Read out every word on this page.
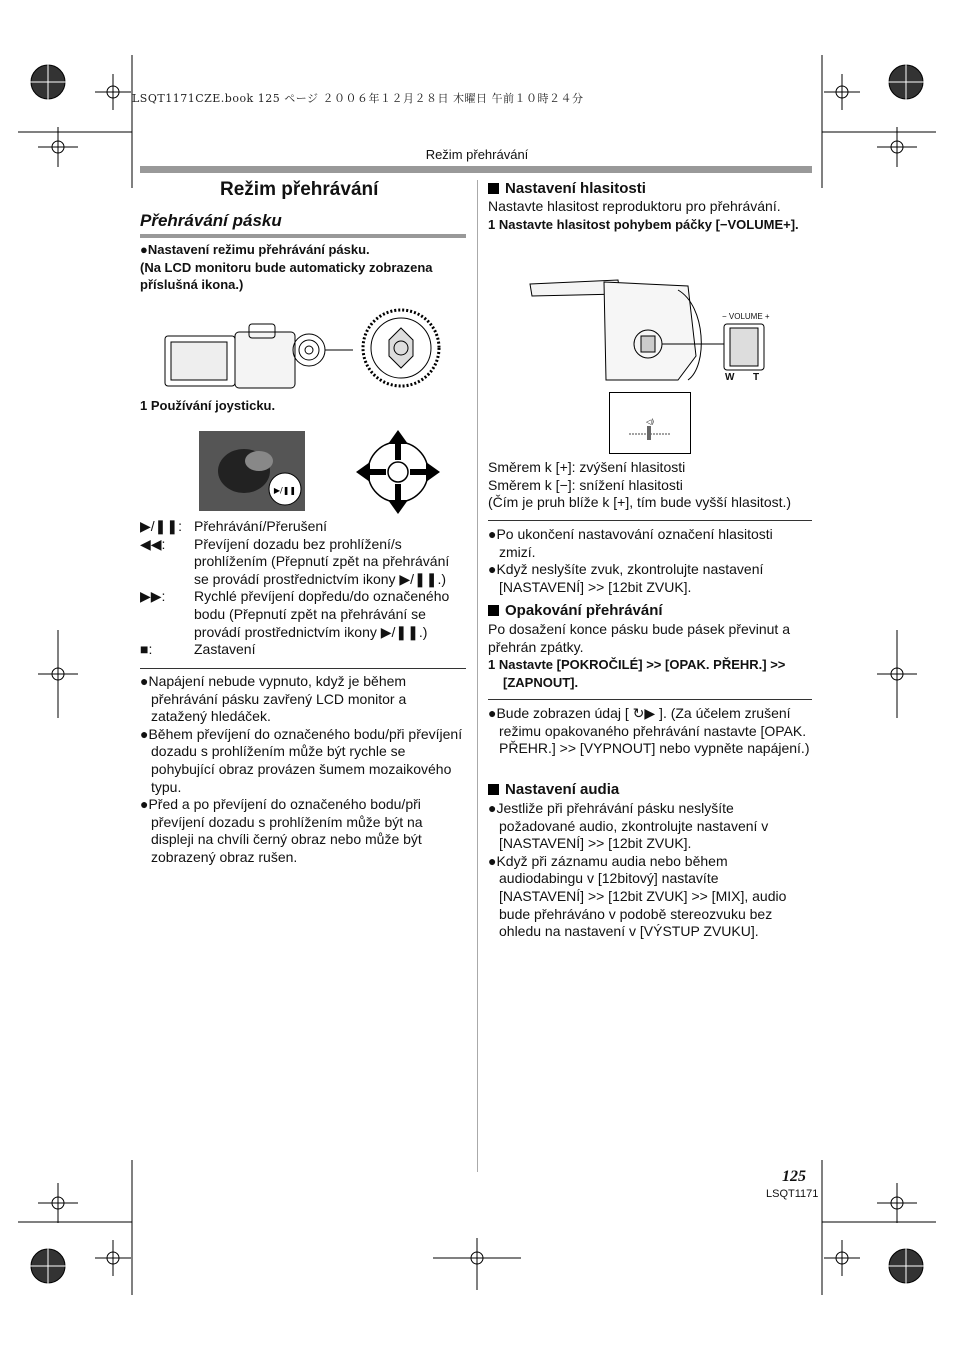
LSQT1171CZE.book 125 ページ ２００６年１２月２８日 木曜日 午前１０時２４分
Režim přehrávání
Režim přehrávání
Přehrávání pásku
●Nastavení režimu přehrávání pásku.
(Na LCD monitoru bude automaticky zobrazena příslušná ikona.)
1 Používání joysticku.
▶/❚❚
▶/❚❚: Přehrávání/Přerušení
◀◀: Převíjení dozadu bez prohlížení/s prohlížením (Přepnutí zpět na přehrávání se provádí prostřednictvím ikony ▶/❚❚.)
▶▶: Rychlé převíjení dopředu/do označeného bodu (Přepnutí zpět na přehrávání se provádí prostřednictvím ikony ▶/❚❚.)
■:	Zastavení
●Napájení nebude vypnuto, když je během přehrávání pásku zavřený LCD monitor a zatažený hledáček.
●Během převíjení do označeného bodu/při převíjení dozadu s prohlížením může být rychle se pohybující obraz provázen šumem mozaikového typu.
●Před a po převíjení do označeného bodu/při převíjení dozadu s prohlížením může být na displeji na chvíli černý obraz nebo může být zobrazený obraz rušen.
Nastavení hlasitosti
Nastavte hlasitost reproduktoru pro přehrávání.
1 Nastavte hlasitost pohybem páčky [−VOLUME+].
− VOLUME +
W T
◁)
Směrem k [+]: zvýšení hlasitosti
Směrem k [−]: snížení hlasitosti
(Čím je pruh blíže k [+], tím bude vyšší hlasitost.)
●Po ukončení nastavování označení hlasitosti zmizí.
●Když neslyšíte zvuk, zkontrolujte nastavení [NASTAVENÍ] >> [12bit ZVUK].
Opakování přehrávání
Po dosažení konce pásku bude pásek převinut a přehrán zpátky.
1 Nastavte [POKROČILÉ] >> [OPAK. PŘEHR.] >> [ZAPNOUT].
●Bude zobrazen údaj [ ↻▶ ]. (Za účelem zrušení režimu opakovaného přehrávání nastavte [OPAK. PŘEHR.] >> [VYPNOUT] nebo vypněte napájení.)
Nastavení audia
●Jestliže při přehrávání pásku neslyšíte požadované audio, zkontrolujte nastavení v [NASTAVENÍ] >> [12bit ZVUK].
●Když při záznamu audia nebo během audiodabingu v [12bitový] nastavíte [NASTAVENÍ] >> [12bit ZVUK] >> [MIX], audio bude přehráváno v podobě stereozvuku bez ohledu na nastavení v [VÝSTUP ZVUKU].
125
LSQT1171
